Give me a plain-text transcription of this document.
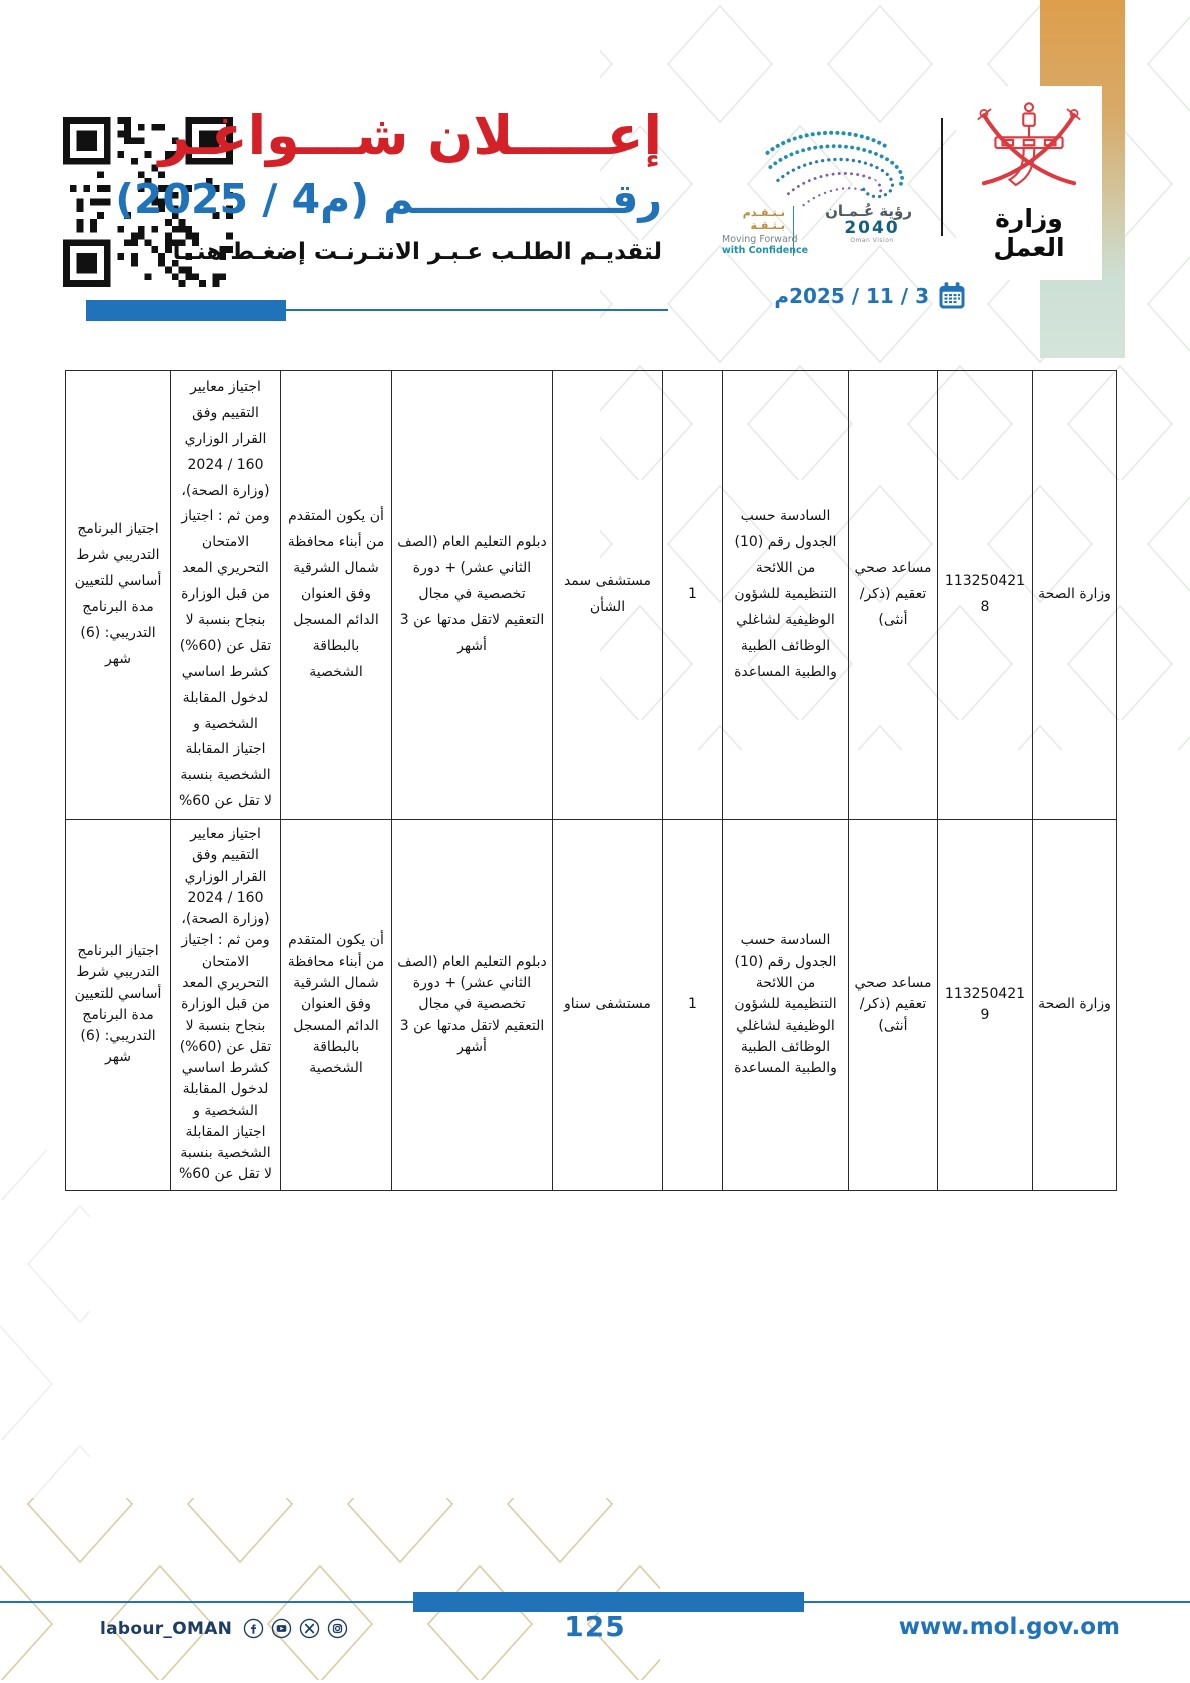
إعـــــلان شـــواغـر
رقــــــــــــــم (م4 / 2025)
لتقديـم الطلـب عـبـر الانتـرنـت إضغـط هنــا
نـتـقـدم بـثـقـة
Moving Forward
with Confidence
رؤية عُـمـان
2040
Oman Vision
وزارة العمل
3 / 11 / 2025م
وزارة الصحة	1132504218	مساعد صحي تعقيم (ذكر/ أنثى)	السادسة حسب الجدول رقم (10) من اللائحة التنظيمية للشؤون الوظيفية لشاغلي الوظائف الطبية والطبية المساعدة	1	مستشفى سمد الشأن	دبلوم التعليم العام (الصف الثاني عشر) + دورة تخصصية في مجال التعقيم لاتقل مدتها عن 3 أشهر	أن يكون المتقدم من أبناء محافظة شمال الشرقية وفق العنوان الدائم المسجل بالبطاقة الشخصية	اجتياز معايير التقييم وفق القرار الوزاري 160 / 2024 (وزارة الصحة)، ومن ثم : اجتياز الامتحان التحريري المعد من قبل الوزارة بنجاح بنسبة لا تقل عن (60%) كشرط اساسي لدخول المقابلة الشخصية و اجتياز المقابلة الشخصية بنسبة لا تقل عن 60%	اجتياز البرنامج التدريبي شرط أساسي للتعيين مدة البرنامج التدريبي: (6) شهر
وزارة الصحة	1132504219	مساعد صحي تعقيم (ذكر/ أنثى)	السادسة حسب الجدول رقم (10) من اللائحة التنظيمية للشؤون الوظيفية لشاغلي الوظائف الطبية والطبية المساعدة	1	مستشفى سناو	دبلوم التعليم العام (الصف الثاني عشر) + دورة تخصصية في مجال التعقيم لاتقل مدتها عن 3 أشهر	أن يكون المتقدم من أبناء محافظة شمال الشرقية وفق العنوان الدائم المسجل بالبطاقة الشخصية	اجتياز معايير التقييم وفق القرار الوزاري 160 / 2024 (وزارة الصحة)، ومن ثم : اجتياز الامتحان التحريري المعد من قبل الوزارة بنجاح بنسبة لا تقل عن (60%) كشرط اساسي لدخول المقابلة الشخصية و اجتياز المقابلة الشخصية بنسبة لا تقل عن 60%	اجتياز البرنامج التدريبي شرط أساسي للتعيين مدة البرنامج التدريبي: (6) شهر
labour_OMAN	125	www.mol.gov.om
